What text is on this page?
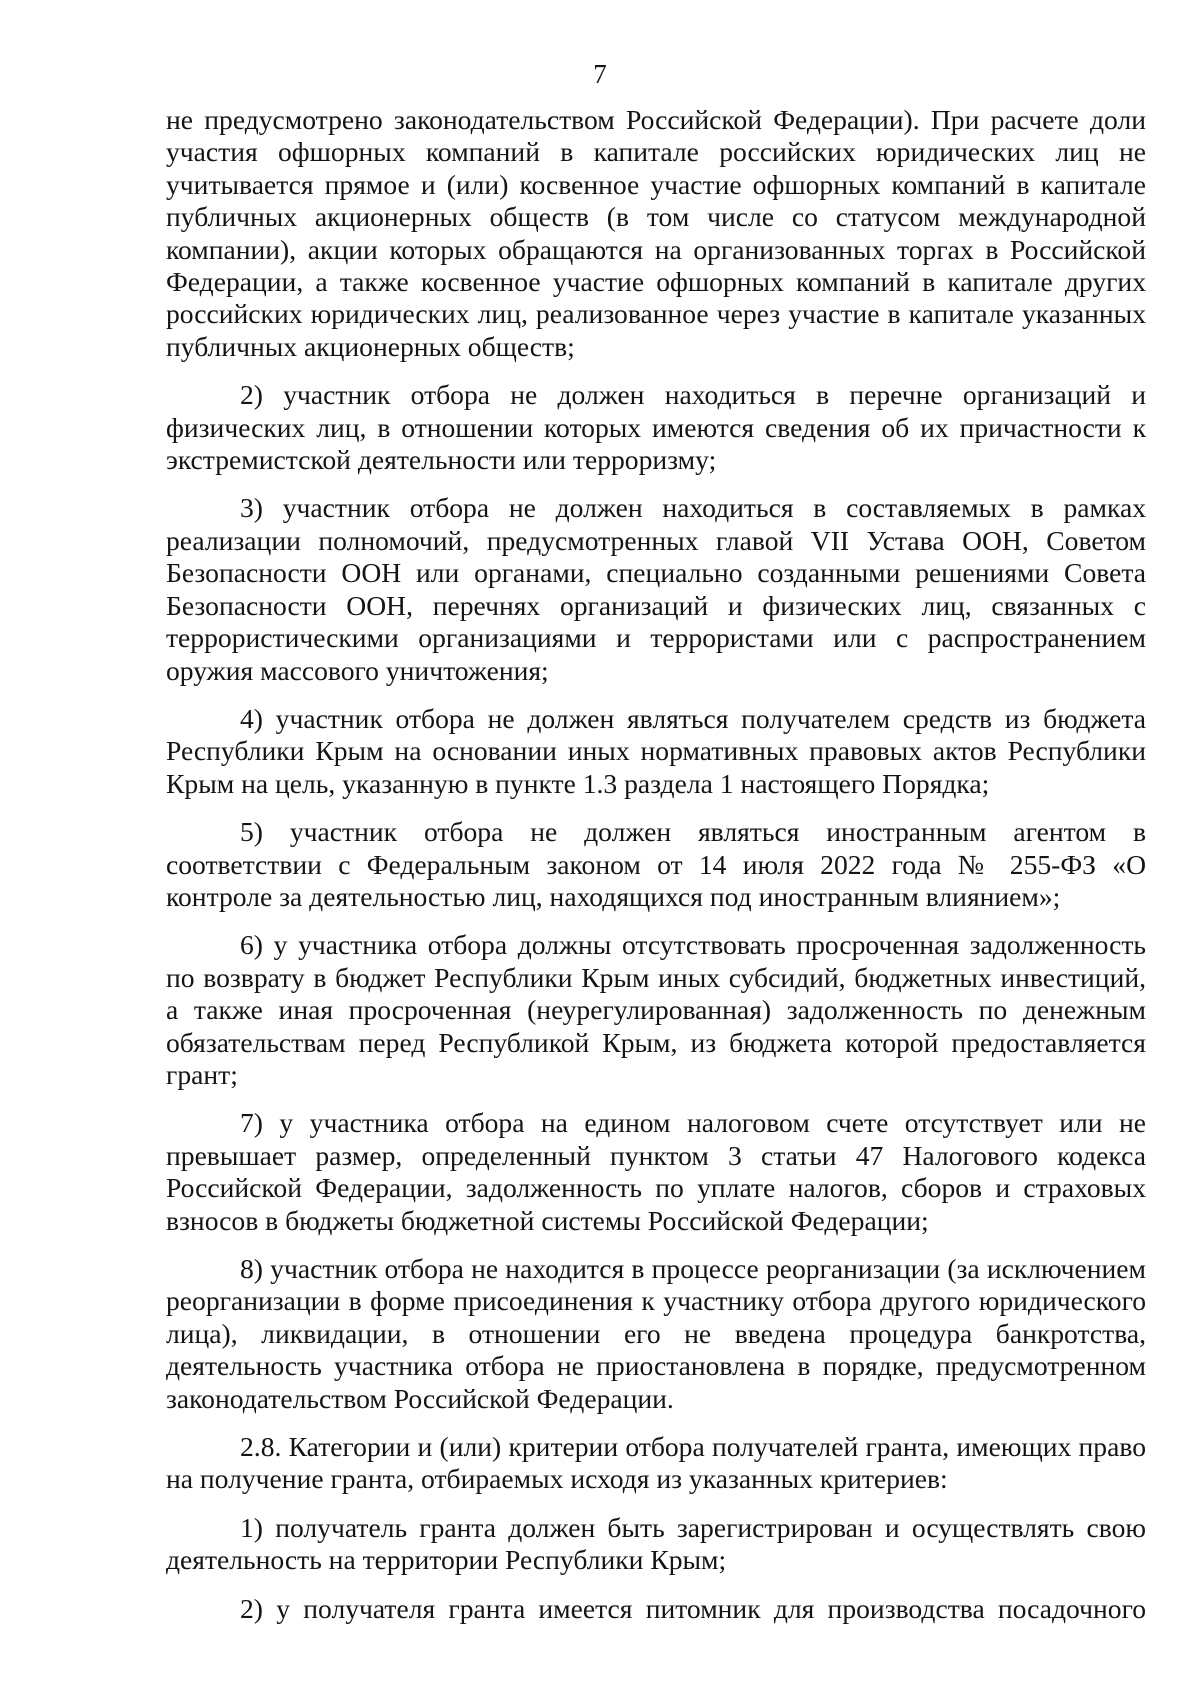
7

не предусмотрено законодательством Российской Федерации). При расчете доли участия офшорных компаний в капитале российских юридических лиц не учитывается прямое и (или) косвенное участие офшорных компаний в капитале публичных акционерных обществ (в том числе со статусом международной компании), акции которых обращаются на организованных торгах в Российской Федерации, а также косвенное участие офшорных компаний в капитале других российских юридических лиц, реализованное через участие в капитале указанных публичных акционерных обществ;

2) участник отбора не должен находиться в перечне организаций и физических лиц, в отношении которых имеются сведения об их причастности к экстремистской деятельности или терроризму;

3) участник отбора не должен находиться в составляемых в рамках реализации полномочий, предусмотренных главой VII Устава ООН, Советом Безопасности ООН или органами, специально созданными решениями Совета Безопасности ООН, перечнях организаций и физических лиц, связанных с террористическими организациями и террористами или с распространением оружия массового уничтожения;

4) участник отбора не должен являться получателем средств из бюджета Республики Крым на основании иных нормативных правовых актов Республики Крым на цель, указанную в пункте 1.3 раздела 1 настоящего Порядка;

5) участник отбора не должен являться иностранным агентом в соответствии с Федеральным законом от 14 июля 2022 года № 255-ФЗ «О контроле за деятельностью лиц, находящихся под иностранным влиянием»;

6) у участника отбора должны отсутствовать просроченная задолженность по возврату в бюджет Республики Крым иных субсидий, бюджетных инвестиций, а также иная просроченная (неурегулированная) задолженность по денежным обязательствам перед Республикой Крым, из бюджета которой предоставляется грант;

7) у участника отбора на едином налоговом счете отсутствует или не превышает размер, определенный пунктом 3 статьи 47 Налогового кодекса Российской Федерации, задолженность по уплате налогов, сборов и страховых взносов в бюджеты бюджетной системы Российской Федерации;

8) участник отбора не находится в процессе реорганизации (за исключением реорганизации в форме присоединения к участнику отбора другого юридического лица), ликвидации, в отношении его не введена процедура банкротства, деятельность участника отбора не приостановлена в порядке, предусмотренном законодательством Российской Федерации.

2.8. Категории и (или) критерии отбора получателей гранта, имеющих право на получение гранта, отбираемых исходя из указанных критериев:

1) получатель гранта должен быть зарегистрирован и осуществлять свою деятельность на территории Республики Крым;

2) у получателя гранта имеется питомник для производства посадочного
